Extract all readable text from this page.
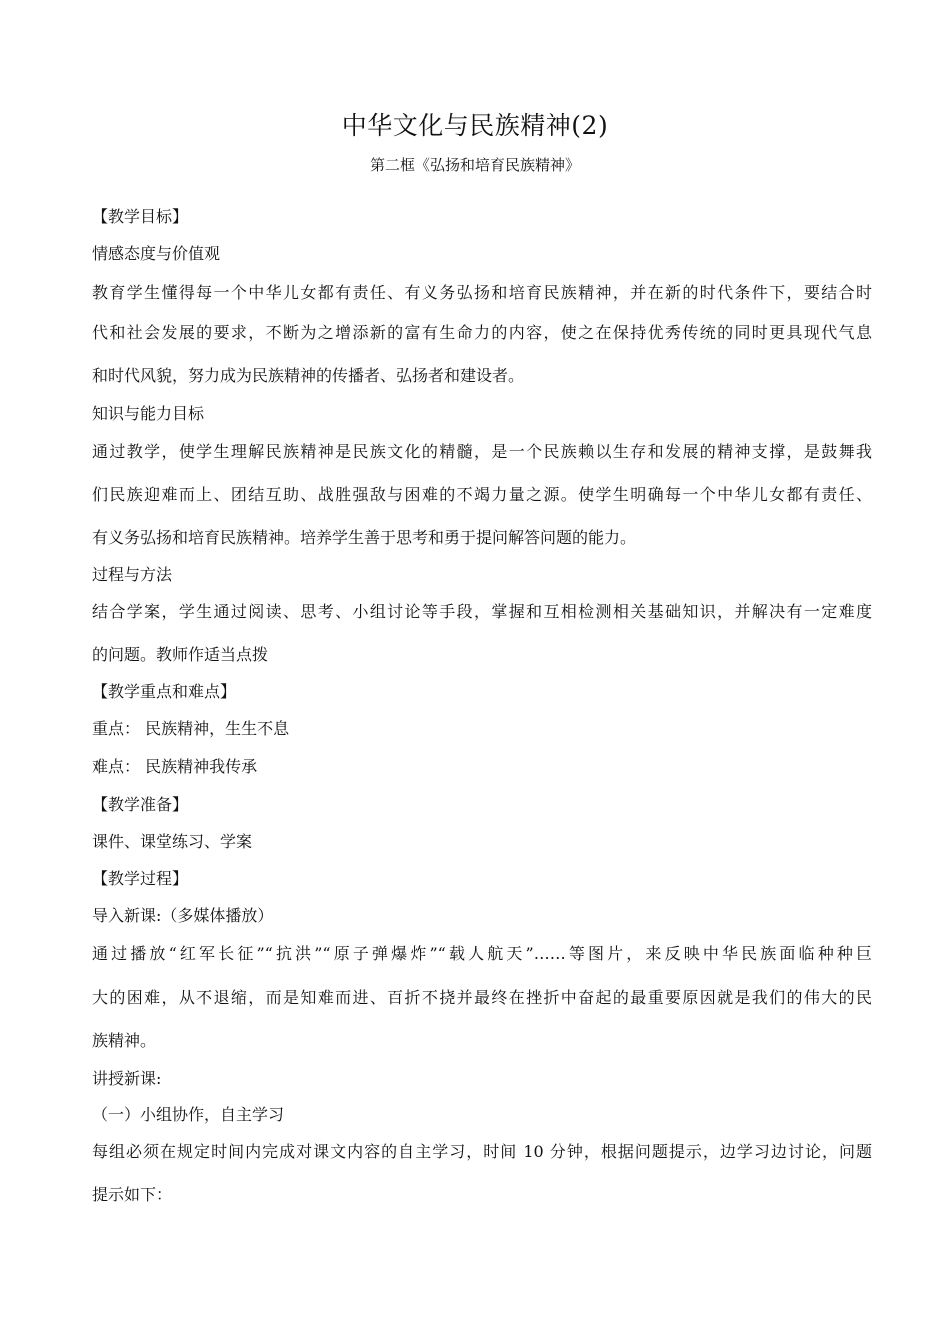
中华文化与民族精神(2)
第二框《弘扬和培育民族精神》
【教学目标】
情感态度与价值观
教育学生懂得每一个中华儿女都有责任、有义务弘扬和培育民族精神，并在新的时代条件下，要结合时
代和社会发展的要求，不断为之增添新的富有生命力的内容，使之在保持优秀传统的同时更具现代气息
和时代风貌，努力成为民族精神的传播者、弘扬者和建设者。
知识与能力目标
通过教学，使学生理解民族精神是民族文化的精髓，是一个民族赖以生存和发展的精神支撑，是鼓舞我
们民族迎难而上、团结互助、战胜强敌与困难的不竭力量之源。使学生明确每一个中华儿女都有责任、
有义务弘扬和培育民族精神。培养学生善于思考和勇于提问解答问题的能力。
过程与方法
结合学案，学生通过阅读、思考、小组讨论等手段，掌握和互相检测相关基础知识，并解决有一定难度
的问题。教师作适当点拨
【教学重点和难点】
重点： 民族精神，生生不息
难点： 民族精神我传承
【教学准备】
课件、课堂练习、学案
【教学过程】
导入新课:（多媒体播放）
通过播放“红军长征”“抗洪”“原子弹爆炸”“载人航天”……等图片，来反映中华民族面临种种巨
大的困难，从不退缩，而是知难而进、百折不挠并最终在挫折中奋起的最重要原因就是我们的伟大的民
族精神。
讲授新课:
（一）小组协作，自主学习
每组必须在规定时间内完成对课文内容的自主学习，时间 10 分钟，根据问题提示，边学习边讨论，问题
提示如下：
